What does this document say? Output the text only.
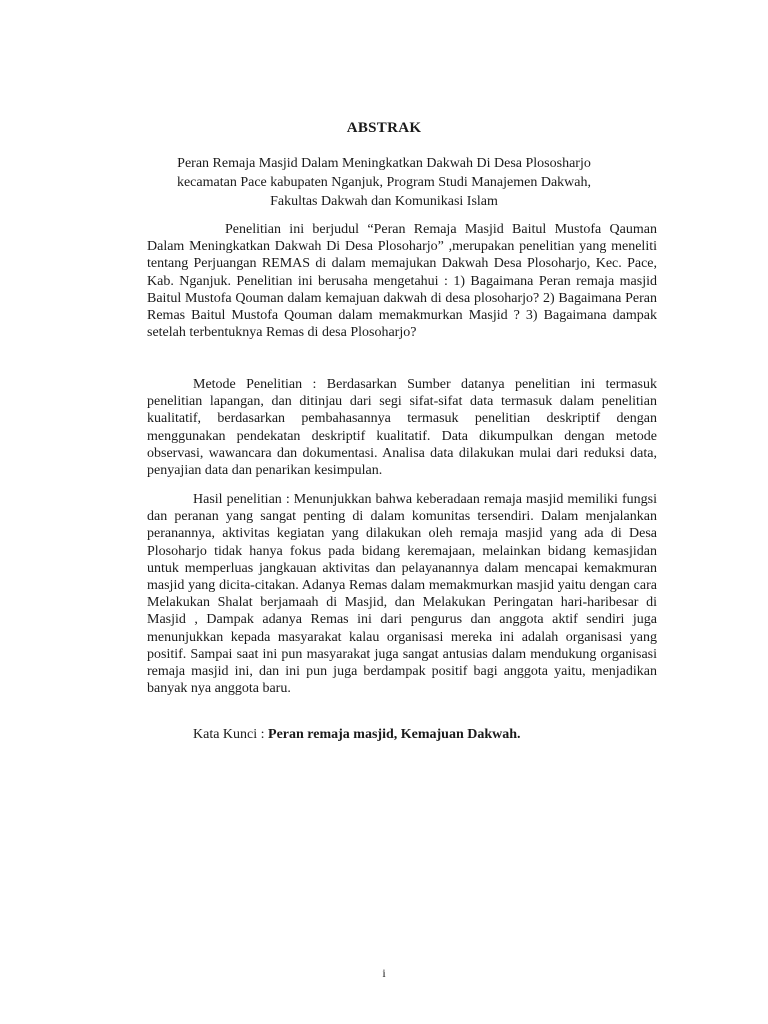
ABSTRAK
Peran Remaja Masjid Dalam Meningkatkan Dakwah Di Desa Plososharjo
kecamatan Pace kabupaten Nganjuk, Program Studi Manajemen Dakwah,
Fakultas Dakwah dan Komunikasi Islam

Penelitian ini berjudul “Peran Remaja Masjid Baitul Mustofa Qauman Dalam Meningkatkan Dakwah Di Desa Plosoharjo” ,merupakan penelitian yang meneliti tentang Perjuangan REMAS di dalam memajukan Dakwah Desa Plosoharjo, Kec. Pace, Kab. Nganjuk. Penelitian ini berusaha mengetahui : 1) Bagaimana Peran remaja masjid Baitul Mustofa Qouman dalam kemajuan dakwah di desa plosoharjo? 2) Bagaimana Peran Remas Baitul Mustofa Qouman dalam memakmurkan Masjid ? 3) Bagaimana dampak setelah terbentuknya Remas di desa Plosoharjo?

Metode Penelitian : Berdasarkan Sumber datanya penelitian ini termasuk penelitian lapangan, dan ditinjau dari segi sifat-sifat data termasuk dalam penelitian kualitatif, berdasarkan pembahasannya termasuk penelitian deskriptif dengan menggunakan pendekatan deskriptif kualitatif. Data dikumpulkan dengan metode observasi, wawancara dan dokumentasi. Analisa data dilakukan mulai dari reduksi data, penyajian data dan penarikan kesimpulan.

Hasil penelitian : Menunjukkan bahwa keberadaan remaja masjid memiliki fungsi dan peranan yang sangat penting di dalam komunitas tersendiri. Dalam menjalankan peranannya, aktivitas kegiatan yang dilakukan oleh remaja masjid yang ada di Desa Plosoharjo tidak hanya fokus pada bidang keremajaan, melainkan bidang kemasjidan untuk memperluas jangkauan aktivitas dan pelayanannya dalam mencapai kemakmuran masjid yang dicita-citakan. Adanya Remas dalam memakmurkan masjid yaitu dengan cara Melakukan Shalat berjamaah di Masjid, dan Melakukan Peringatan hari-haribesar di Masjid , Dampak adanya Remas ini dari pengurus dan anggota aktif sendiri juga menunjukkan kepada masyarakat kalau organisasi mereka ini adalah organisasi yang positif. Sampai saat ini pun masyarakat juga sangat antusias dalam mendukung organisasi remaja masjid ini, dan ini pun juga berdampak positif bagi anggota yaitu, menjadikan banyak nya anggota baru.

Kata Kunci : Peran remaja masjid, Kemajuan Dakwah.

i
